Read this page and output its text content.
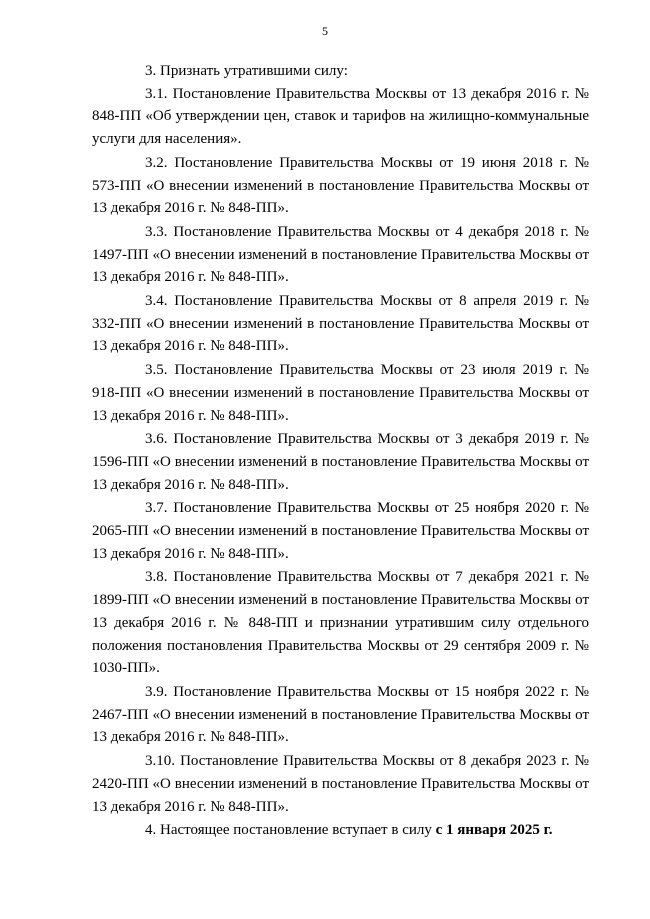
5

3. Признать утратившими силу:

3.1. Постановление Правительства Москвы от 13 декабря 2016 г. № 848-ПП «Об утверждении цен, ставок и тарифов на жилищно-коммунальные услуги для населения».

3.2. Постановление Правительства Москвы от 19 июня 2018 г. № 573-ПП «О внесении изменений в постановление Правительства Москвы от 13 декабря 2016 г. № 848-ПП».

3.3. Постановление Правительства Москвы от 4 декабря 2018 г. № 1497-ПП «О внесении изменений в постановление Правительства Москвы от 13 декабря 2016 г. № 848-ПП».

3.4. Постановление Правительства Москвы от 8 апреля 2019 г. № 332-ПП «О внесении изменений в постановление Правительства Москвы от 13 декабря 2016 г. № 848-ПП».

3.5. Постановление Правительства Москвы от 23 июля 2019 г. № 918-ПП «О внесении изменений в постановление Правительства Москвы от 13 декабря 2016 г. № 848-ПП».

3.6. Постановление Правительства Москвы от 3 декабря 2019 г. № 1596-ПП «О внесении изменений в постановление Правительства Москвы от 13 декабря 2016 г. № 848-ПП».

3.7. Постановление Правительства Москвы от 25 ноября 2020 г. № 2065-ПП «О внесении изменений в постановление Правительства Москвы от 13 декабря 2016 г. № 848-ПП».

3.8. Постановление Правительства Москвы от 7 декабря 2021 г. № 1899-ПП «О внесении изменений в постановление Правительства Москвы от 13 декабря 2016 г. № 848-ПП и признании утратившим силу отдельного положения постановления Правительства Москвы от 29 сентября 2009 г. № 1030-ПП».

3.9. Постановление Правительства Москвы от 15 ноября 2022 г. № 2467-ПП «О внесении изменений в постановление Правительства Москвы от 13 декабря 2016 г. № 848-ПП».

3.10. Постановление Правительства Москвы от 8 декабря 2023 г. № 2420-ПП «О внесении изменений в постановление Правительства Москвы от 13 декабря 2016 г. № 848-ПП».

4. Настоящее постановление вступает в силу с 1 января 2025 г.
